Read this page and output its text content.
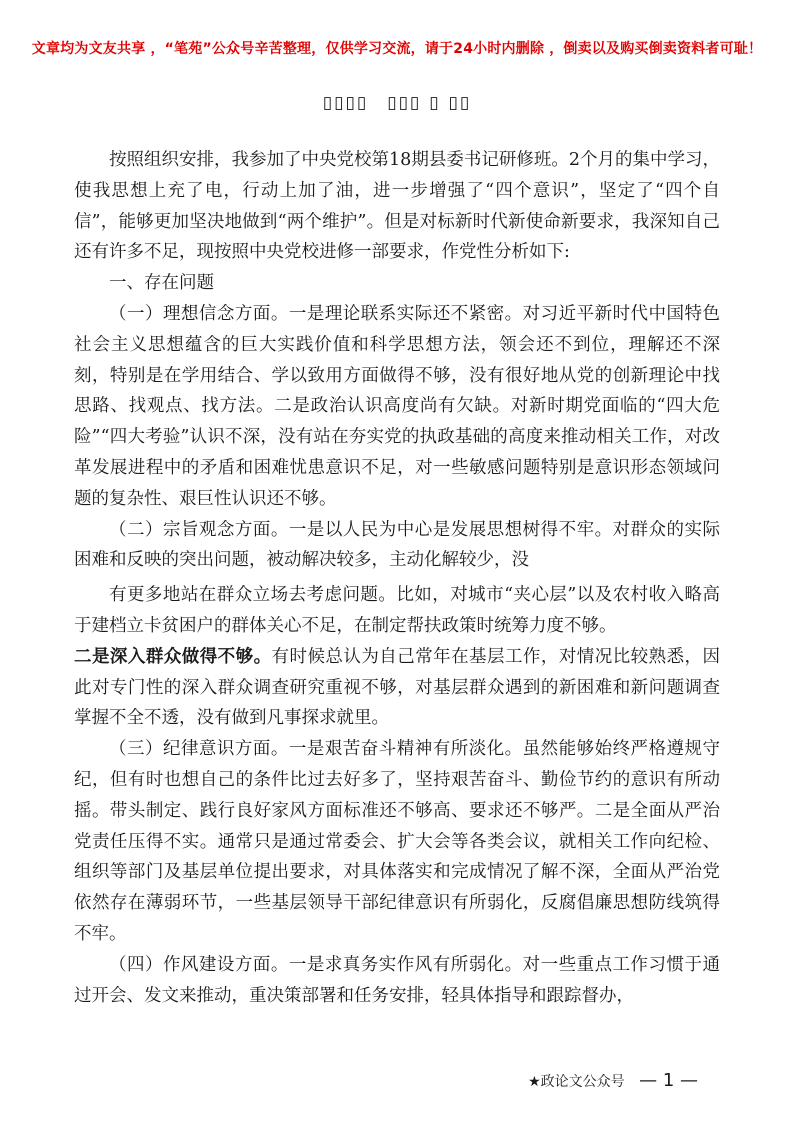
文章均为文友共享 ，“笔苑”公众号辛苦整理，仅供学习交流，请于24小时内删除 ，倒卖以及购买倒卖资料者可耻！
▯▯▯▯　▯▯▯ ▯ ▯▯

按照组织安排，我参加了中央党校第18期县委书记研修班。2个月的集中学习，使我思想上充了电，行动上加了油，进一步增强了“四个意识”，坚定了“四个自信”，能够更加坚决地做到“两个维护”。但是对标新时代新使命新要求，我深知自己还有许多不足，现按照中央党校进修一部要求，作党性分析如下:

一、存在问题

（一）理想信念方面。一是理论联系实际还不紧密。对习近平新时代中国特色社会主义思想蕴含的巨大实践价值和科学思想方法，领会还不到位，理解还不深刻，特别是在学用结合、学以致用方面做得不够，没有很好地从党的创新理论中找思路、找观点、找方法。二是政治认识高度尚有欠缺。对新时期党面临的“四大危险”“四大考验”认识不深，没有站在夯实党的执政基础的高度来推动相关工作，对改革发展进程中的矛盾和困难忧患意识不足，对一些敏感问题特别是意识形态领域问题的复杂性、艰巨性认识还不够。

（二）宗旨观念方面。一是以人民为中心是发展思想树得不牢。对群众的实际困难和反映的突出问题，被动解决较多，主动化解较少，没

有更多地站在群众立场去考虑问题。比如，对城市“夹心层”以及农村收入略高于建档立卡贫困户的群体关心不足，在制定帮扶政策时统筹力度不够。

二是深入群众做得不够。有时候总认为自己常年在基层工作，对情况比较熟悉，因此对专门性的深入群众调查研究重视不够，对基层群众遇到的新困难和新问题调查掌握不全不透，没有做到凡事探求就里。

（三）纪律意识方面。一是艰苦奋斗精神有所淡化。虽然能够始终严格遵规守纪，但有时也想自己的条件比过去好多了，坚持艰苦奋斗、勤俭节约的意识有所动摇。带头制定、践行良好家风方面标准还不够高、要求还不够严。二是全面从严治党责任压得不实。通常只是通过常委会、扩大会等各类会议，就相关工作向纪检、组织等部门及基层单位提出要求，对具体落实和完成情况了解不深，全面从严治党依然存在薄弱环节，一些基层领导干部纪律意识有所弱化，反腐倡廉思想防线筑得不牢。

（四）作风建设方面。一是求真务实作风有所弱化。对一些重点工作习惯于通过开会、发文来推动，重决策部署和任务安排，轻具体指导和跟踪督办，

★政论文公众号 — 1 —
